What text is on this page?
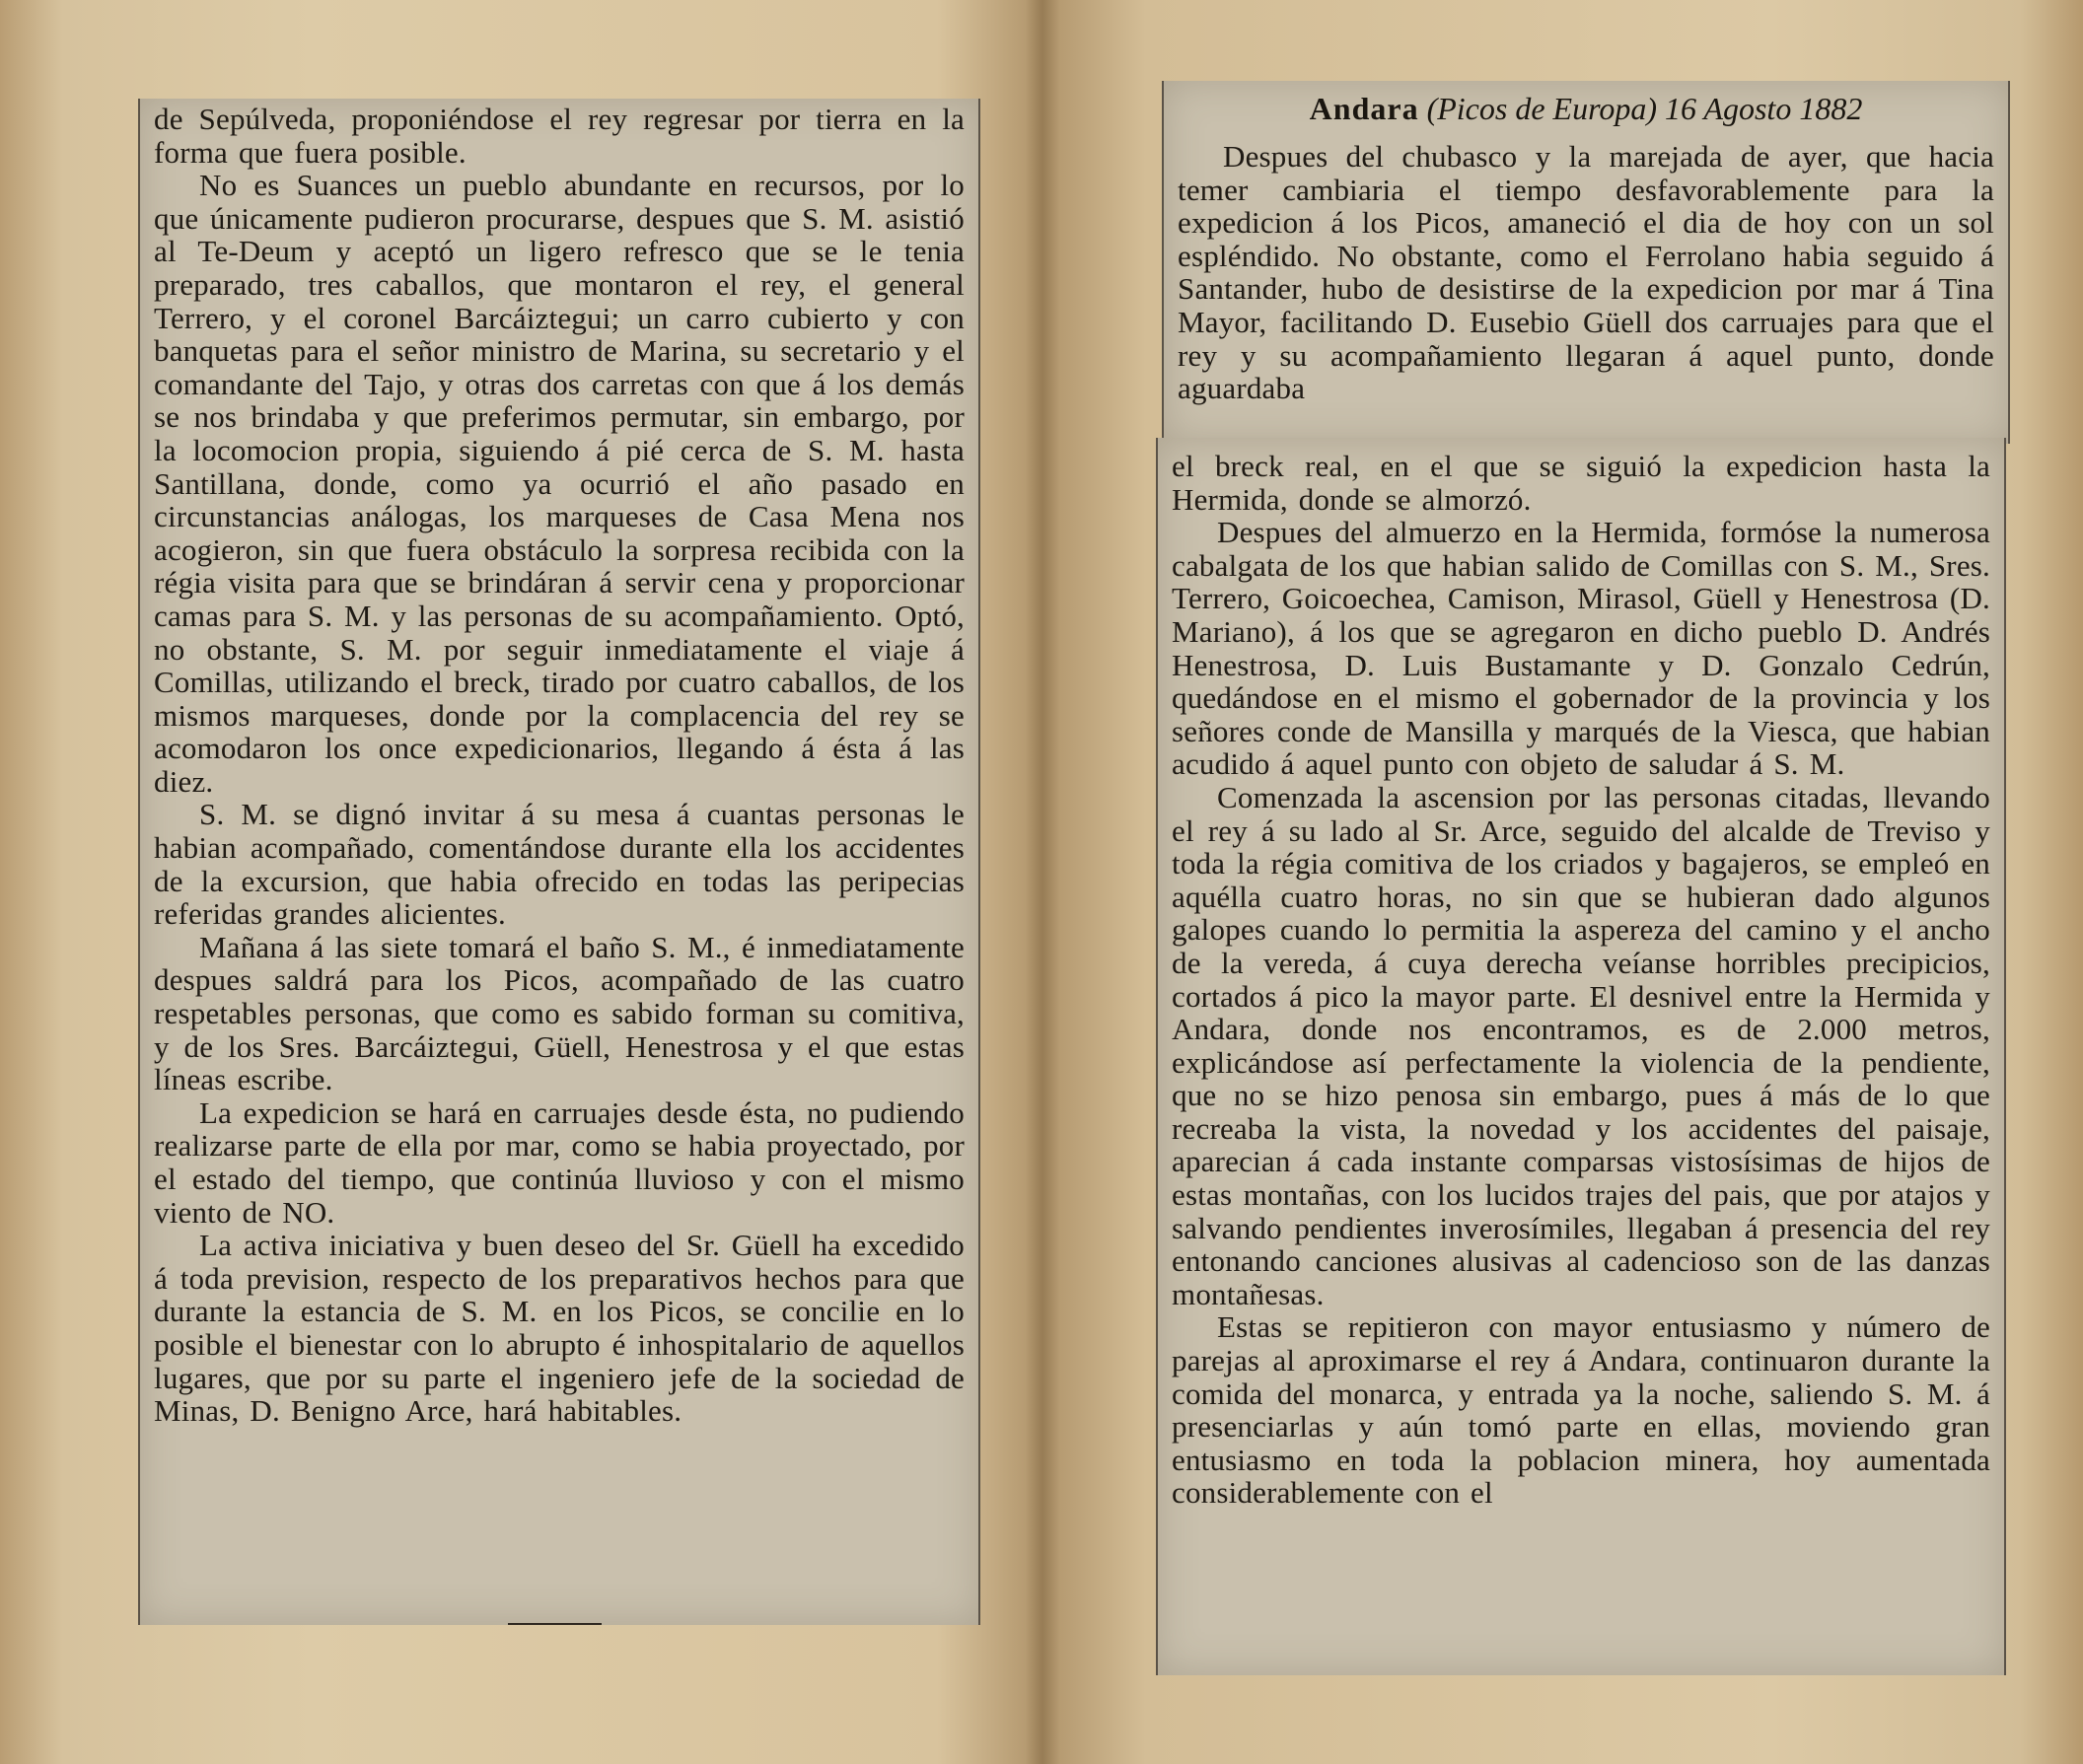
de Sepúlveda, proponiéndose el rey regresar por tierra en la forma que fuera posible.

No es Suances un pueblo abundante en recursos, por lo que únicamente pudieron procurarse, despues que S. M. asistió al Te-Deum y aceptó un ligero refresco que se le tenia preparado, tres caballos, que montaron el rey, el general Terrero, y el coronel Barcáiztegui; un carro cubierto y con banquetas para el señor ministro de Marina, su secretario y el comandante del Tajo, y otras dos carretas con que á los demás se nos brindaba y que preferimos permutar, sin embargo, por la locomocion propia, siguiendo á pié cerca de S. M. hasta Santillana, donde, como ya ocurrió el año pasado en circunstancias análogas, los marqueses de Casa Mena nos acogieron, sin que fuera obstáculo la sorpresa recibida con la régia visita para que se brindáran á servir cena y proporcionar camas para S. M. y las personas de su acompañamiento. Optó, no obstante, S. M. por seguir inmediatamente el viaje á Comillas, utilizando el breck, tirado por cuatro caballos, de los mismos marqueses, donde por la complacencia del rey se acomodaron los once expedicionarios, llegando á ésta á las diez.

S. M. se dignó invitar á su mesa á cuantas personas le habian acompañado, comentándose durante ella los accidentes de la excursion, que habia ofrecido en todas las peripecias referidas grandes alicientes.

Mañana á las siete tomará el baño S. M., é inmediatamente despues saldrá para los Picos, acompañado de las cuatro respetables personas, que como es sabido forman su comitiva, y de los Sres. Barcáiztegui, Güell, Henestrosa y el que estas líneas escribe.

La expedicion se hará en carruajes desde ésta, no pudiendo realizarse parte de ella por mar, como se habia proyectado, por el estado del tiempo, que continúa lluvioso y con el mismo viento de NO.

La activa iniciativa y buen deseo del Sr. Güell ha excedido á toda prevision, respecto de los preparativos hechos para que durante la estancia de S. M. en los Picos, se concilie en lo posible el bienestar con lo abrupto é inhospitalario de aquellos lugares, que por su parte el ingeniero jefe de la sociedad de Minas, D. Benigno Arce, hará habitables.

Andara (Picos de Europa) 16 Agosto 1882

Despues del chubasco y la marejada de ayer, que hacia temer cambiaria el tiempo desfavorablemente para la expedicion á los Picos, amaneció el dia de hoy con un sol espléndido. No obstante, como el Ferrolano habia seguido á Santander, hubo de desistirse de la expedicion por mar á Tina Mayor, facilitando D. Eusebio Güell dos carruajes para que el rey y su acompañamiento llegaran á aquel punto, donde aguardaba

el breck real, en el que se siguió la expedicion hasta la Hermida, donde se almorzó.

Despues del almuerzo en la Hermida, formóse la numerosa cabalgata de los que habian salido de Comillas con S. M., Sres. Terrero, Goicoechea, Camison, Mirasol, Güell y Henestrosa (D. Mariano), á los que se agregaron en dicho pueblo D. Andrés Henestrosa, D. Luis Bustamante y D. Gonzalo Cedrún, quedándose en el mismo el gobernador de la provincia y los señores conde de Mansilla y marqués de la Viesca, que habian acudido á aquel punto con objeto de saludar á S. M.

Comenzada la ascension por las personas citadas, llevando el rey á su lado al Sr. Arce, seguido del alcalde de Treviso y toda la régia comitiva de los criados y bagajeros, se empleó en aquélla cuatro horas, no sin que se hubieran dado algunos galopes cuando lo permitia la aspereza del camino y el ancho de la vereda, á cuya derecha veíanse horribles precipicios, cortados á pico la mayor parte. El desnivel entre la Hermida y Andara, donde nos encontramos, es de 2.000 metros, explicándose así perfectamente la violencia de la pendiente, que no se hizo penosa sin embargo, pues á más de lo que recreaba la vista, la novedad y los accidentes del paisaje, aparecian á cada instante comparsas vistosísimas de hijos de estas montañas, con los lucidos trajes del pais, que por atajos y salvando pendientes inverosímiles, llegaban á presencia del rey entonando canciones alusivas al cadencioso son de las danzas montañesas.

Estas se repitieron con mayor entusiasmo y número de parejas al aproximarse el rey á Andara, continuaron durante la comida del monarca, y entrada ya la noche, saliendo S. M. á presenciarlas y aún tomó parte en ellas, moviendo gran entusiasmo en toda la poblacion minera, hoy aumentada considerablemente con el
